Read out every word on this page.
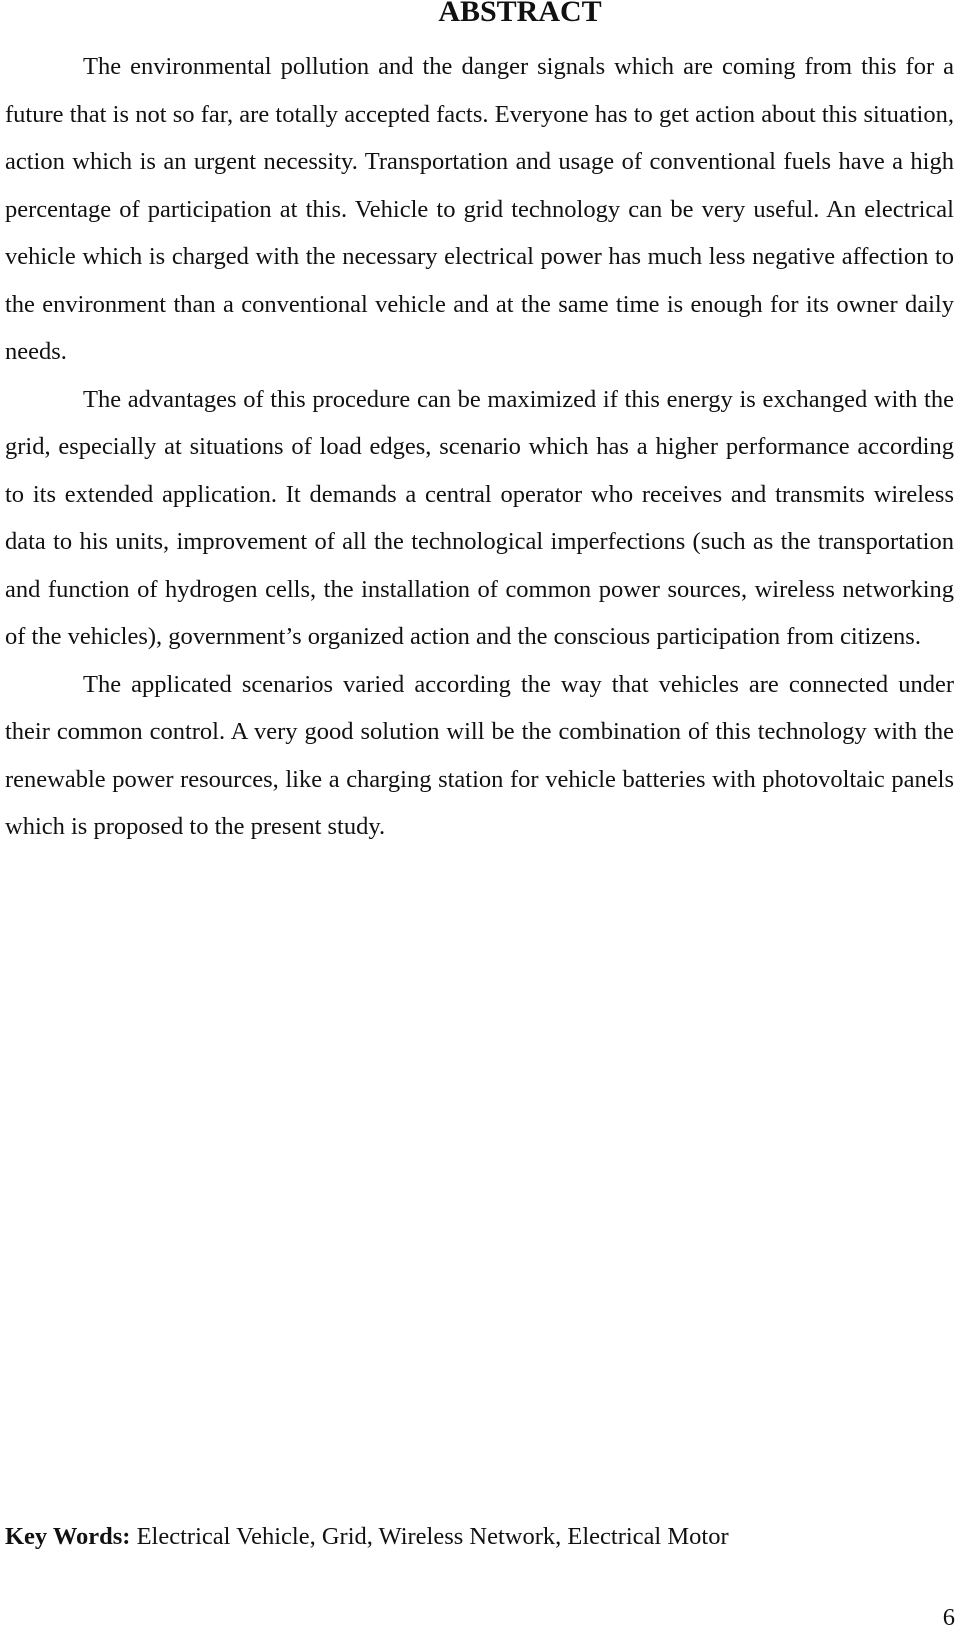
ABSTRACT

The environmental pollution and the danger signals which are coming from this for a future that is not so far, are totally accepted facts. Everyone has to get action about this situation, action which is an urgent necessity. Transportation and usage of conventional fuels have a high percentage of participation at this. Vehicle to grid technology can be very useful. An electrical vehicle which is charged with the necessary electrical power has much less negative affection to the environment than a conventional vehicle and at the same time is enough for its owner daily needs.

The advantages of this procedure can be maximized if this energy is exchanged with the grid, especially at situations of load edges, scenario which has a higher performance according to its extended application. It demands a central operator who receives and transmits wireless data to his units, improvement of all the technological imperfections (such as the transportation and function of hydrogen cells, the installation of common power sources, wireless networking of the vehicles), government’s organized action and the conscious participation from citizens.

The applicated scenarios varied according the way that vehicles are connected under their common control. A very good solution will be the combination of this technology with the renewable power resources, like a charging station for vehicle batteries with photovoltaic panels which is proposed to the present study.

Key Words: Electrical Vehicle, Grid, Wireless Network, Electrical Motor

6
